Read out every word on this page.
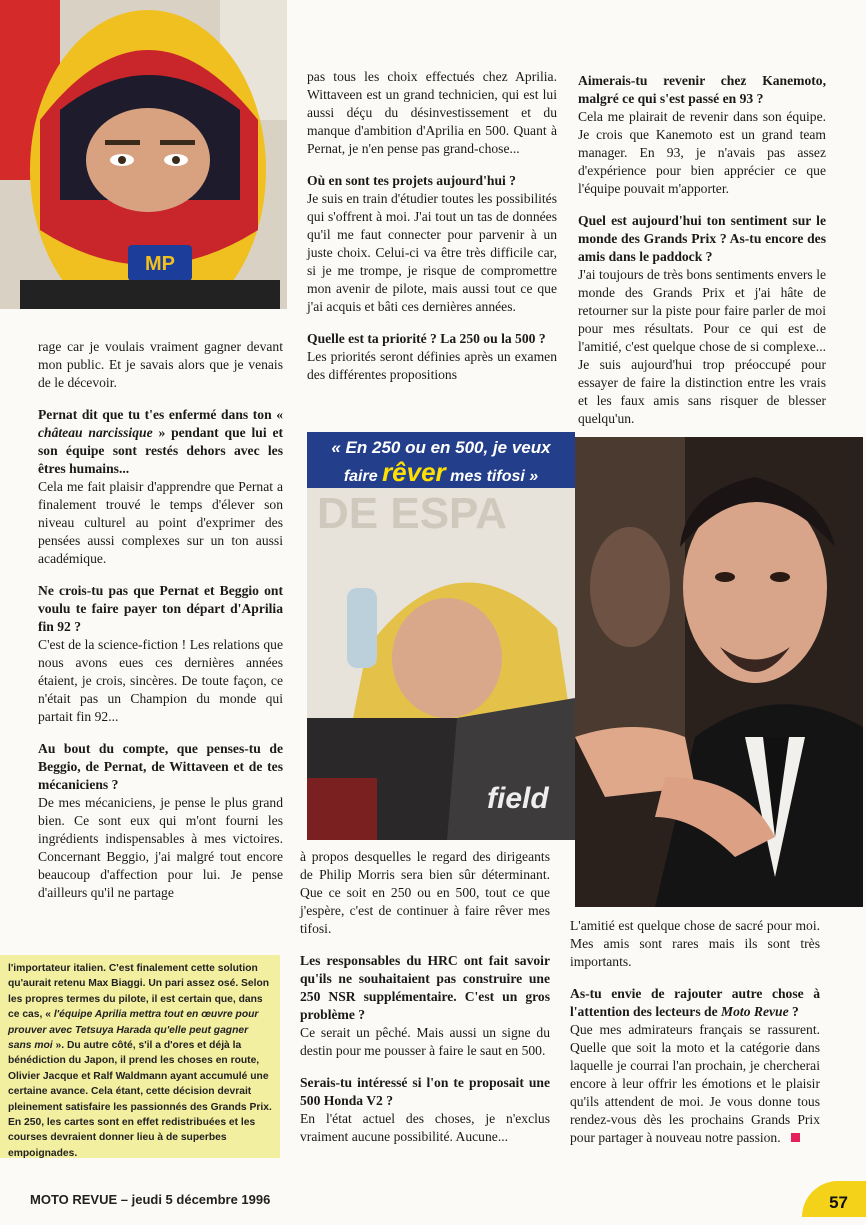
MP

rage car je voulais vraiment gagner devant mon public. Et je savais alors que je venais de le décevoir.

Pernat dit que tu t'es enfermé dans ton « château narcissique » pendant que lui et son équipe sont restés dehors avec les êtres humains...

Cela me fait plaisir d'apprendre que Pernat a finalement trouvé le temps d'élever son niveau culturel au point d'exprimer des pensées aussi complexes sur un ton aussi académique.

Ne crois-tu pas que Pernat et Beggio ont voulu te faire payer ton départ d'Aprilia fin 92 ?

C'est de la science-fiction ! Les relations que nous avons eues ces dernières années étaient, je crois, sincères. De toute façon, ce n'était pas un Champion du monde qui partait fin 92...

Au bout du compte, que penses-tu de Beggio, de Pernat, de Wittaveen et de tes mécaniciens ?

De mes mécaniciens, je pense le plus grand bien. Ce sont eux qui m'ont fourni les ingrédients indispensables à mes victoires. Concernant Beggio, j'ai malgré tout encore beaucoup d'affection pour lui. Je pense d'ailleurs qu'il ne partage

l'importateur italien. C'est finalement cette solution qu'aurait retenu Max Biaggi. Un pari assez osé. Selon les propres termes du pilote, il est certain que, dans ce cas, « l'équipe Aprilia mettra tout en œuvre pour prouver avec Tetsuya Harada qu'elle peut gagner sans moi ». Du autre côté, s'il a d'ores et déjà la bénédiction du Japon, il prend les choses en route, Olivier Jacque et Ralf Waldmann ayant accumulé une certaine avance. Cela étant, cette décision devrait pleinement satisfaire les passionnés des Grands Prix. En 250, les cartes sont en effet redistribuées et les courses devraient donner lieu à de superbes empoignades.

pas tous les choix effectués chez Aprilia. Wittaveen est un grand technicien, qui est lui aussi déçu du désinvestissement et du manque d'ambition d'Aprilia en 500. Quant à Pernat, je n'en pense pas grand-chose...

Où en sont tes projets aujourd'hui ?

Je suis en train d'étudier toutes les possibilités qui s'offrent à moi. J'ai tout un tas de données qu'il me faut connecter pour parvenir à un juste choix. Celui-ci va être très difficile car, si je me trompe, je risque de compromettre mon avenir de pilote, mais aussi tout ce que j'ai acquis et bâti ces dernières années.

Quelle est ta priorité ? La 250 ou la 500 ?

Les priorités seront définies après un examen des différentes propositions

DE ESPA
field
« En 250 ou en 500, je veux
faire rêver mes tifosi »

à propos desquelles le regard des dirigeants de Philip Morris sera bien sûr déterminant. Que ce soit en 250 ou en 500, tout ce que j'espère, c'est de continuer à faire rêver mes tifosi.

Les responsables du HRC ont fait savoir qu'ils ne souhaitaient pas construire une 250 NSR supplémentaire. C'est un gros problème ?

Ce serait un pêché. Mais aussi un signe du destin pour me pousser à faire le saut en 500.

Serais-tu intéressé si l'on te proposait une 500 Honda V2 ?

En l'état actuel des choses, je n'exclus vraiment aucune possibilité. Aucune...

Aimerais-tu revenir chez Kanemoto, malgré ce qui s'est passé en 93 ?

Cela me plairait de revenir dans son équipe. Je crois que Kanemoto est un grand team manager. En 93, je n'avais pas assez d'expérience pour bien apprécier ce que l'équipe pouvait m'apporter.

Quel est aujourd'hui ton sentiment sur le monde des Grands Prix ? As-tu encore des amis dans le paddock ?

J'ai toujours de très bons sentiments envers le monde des Grands Prix et j'ai hâte de retourner sur la piste pour faire parler de moi pour mes résultats. Pour ce qui est de l'amitié, c'est quelque chose de si complexe... Je suis aujourd'hui trop préoccupé pour essayer de faire la distinction entre les vrais et les faux amis sans risquer de blesser quelqu'un.

L'amitié est quelque chose de sacré pour moi. Mes amis sont rares mais ils sont très importants.

As-tu envie de rajouter autre chose à l'attention des lecteurs de Moto Revue ?

Que mes admirateurs français se rassurent. Quelle que soit la moto et la catégorie dans laquelle je courrai l'an prochain, je chercherai encore à leur offrir les émotions et le plaisir qu'ils attendent de moi. Je vous donne tous rendez-vous dès les prochains Grands Prix pour partager à nouveau notre passion.

MOTO REVUE – jeudi 5 décembre 1996	57
